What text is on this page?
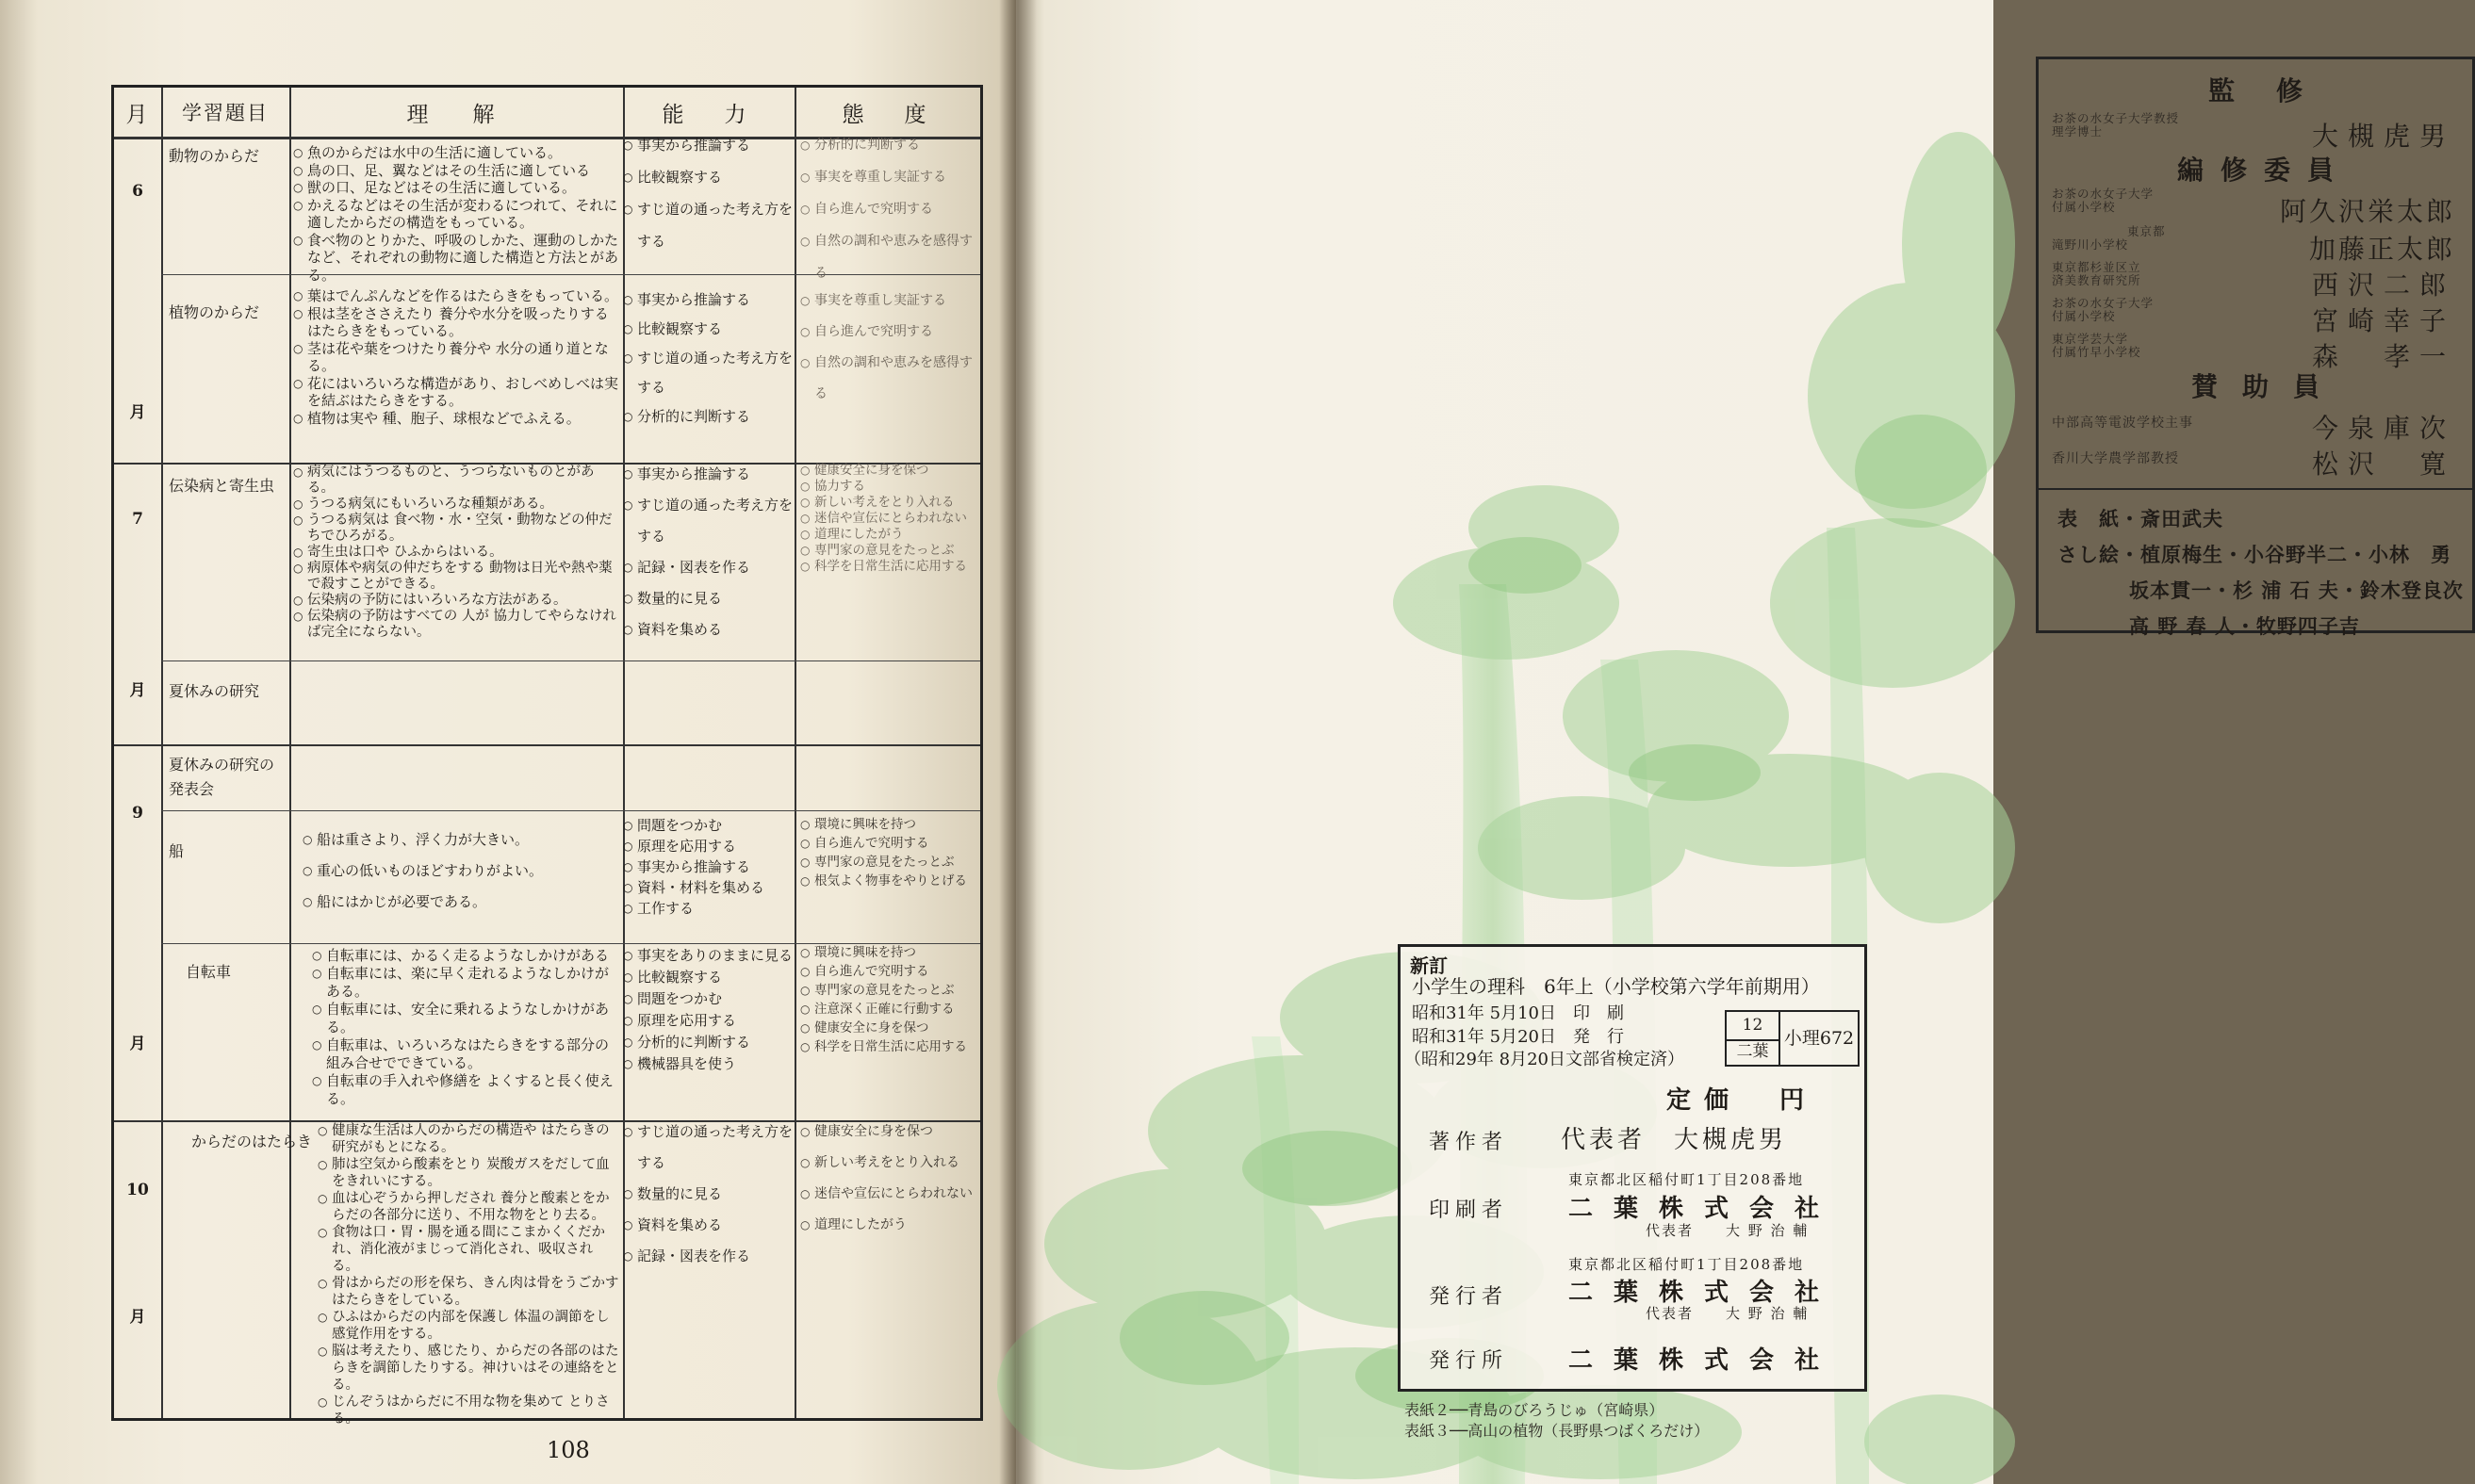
月	学習題目	理　解	能　力	態　度
6
月
7
月
9
月
10
月
動物のからだ
○	魚のからだは水中の生活に適している。
○ 鳥の口、足、翼などはその生活に適している
○ 獣の口、足などはその生活に適している。
○ かえるなどはその生活が変わるにつれて、それに適したからだの構造をもっている。
○ 食べ物のとりかた、呼吸のしかた、運動のしかたなど、それぞれの動物に適した構造と方法とがある。
○ 事実から推論する
○ 比較観察する
○ すじ道の通った考え方をする
○ 分析的に判断する
○ 事実を尊重し実証する
○ 自ら進んで究明する
○ 自然の調和や恵みを感得する
植物のからだ
○ 葉はでんぷんなどを作るはたらきをもっている。
○ 根は茎をささえたり 養分や水分を吸ったりするはたらきをもっている。
○ 茎は花や葉をつけたり養分や 水分の通り道となる。
○ 花にはいろいろな構造があり、おしべめしべは実を結ぶはたらきをする。
○ 植物は実や 種、胞子、球根などでふえる。
○ 事実から推論する
○ 比較観察する
○ すじ道の通った考え方をする
○ 分析的に判断する
○ 事実を尊重し実証する
○ 自ら進んで究明する
○ 自然の調和や恵みを感得する
伝染病と寄生虫
○ 病気にはうつるものと、うつらないものとがある。
○ うつる病気にもいろいろな種類がある。
○ うつる病気は 食べ物・水・空気・動物などの仲だちでひろがる。
○ 寄生虫は口や ひふからはいる。
○ 病原体や病気の仲だちをする 動物は日光や熱や薬で殺すことができる。
○ 伝染病の予防にはいろいろな方法がある。
○ 伝染病の予防はすべての 人が 協力してやらなければ完全にならない。
○ 事実から推論する
○ すじ道の通った考え方をする
○ 記録・図表を作る
○ 数量的に見る
○ 資料を集める
○ 健康安全に身を保つ
○ 協力する
○ 新しい考えをとり入れる
○ 迷信や宣伝にとらわれない
○ 道理にしたがう
○ 専門家の意見をたっとぶ
○ 科学を日常生活に応用する
夏休みの研究
夏休みの研究の発表会
船
○ 船は重さより、浮く力が大きい。
○ 重心の低いものほどすわりがよい。
○ 船にはかじが必要である。
○ 問題をつかむ
○ 原理を応用する
○ 事実から推論する
○ 資料・材料を集める
○ 工作する
○ 環境に興味を持つ
○ 自ら進んで究明する
○ 専門家の意見をたっとぶ
○ 根気よく物事をやりとげる
自転車
○ 自転車には、かるく走るようなしかけがある
○ 自転車には、楽に早く走れるようなしかけがある。
○ 自転車には、安全に乗れるようなしかけがある。
○ 自転車は、いろいろなはたらきをする部分の組み合せでできている。
○ 自転車の手入れや修繕を よくすると長く使える。
○ 事実をありのままに見る
○ 比較観察する
○ 問題をつかむ
○ 原理を応用する
○ 分析的に判断する
○ 機械器具を使う
○ 環境に興味を持つ
○ 自ら進んで究明する
○ 専門家の意見をたっとぶ
○ 注意深く正確に行動する
○ 健康安全に身を保つ
○ 科学を日常生活に応用する
からだのはたらき
○ 健康な生活は人のからだの構造や はたらきの研究がもとになる。
○ 肺は空気から酸素をとり 炭酸ガスをだして血をきれいにする。
○ 血は心ぞうから押しだされ 養分と酸素とをからだの各部分に送り、不用な物をとり去る。
○ 食物は口・胃・腸を通る間にこまかくくだかれ、消化液がまじって消化され、吸収される。
○ 骨はからだの形を保ち、きん肉は骨をうごかすはたらきをしている。
○ ひふはからだの内部を保護し 体温の調節をし感覚作用をする。
○ 脳は考えたり、感じたり、からだの各部のはたらきを調節したりする。神けいはその連絡をとる。
○ じんぞうはからだに不用な物を集めて とりさる。
○ すじ道の通った考え方をする
○ 数量的に見る
○ 資料を集める
○ 記録・図表を作る
○ 健康安全に身を保つ
○ 新しい考えをとり入れる
○ 迷信や宣伝にとらわれない
○ 道理にしたがう
108
監修
お茶の水女子大学教授
理学博士	大槻虎男
編修委員
お茶の水女子大学
付属小学校	阿久沢栄太郎
東京都
滝野川小学校	加藤正太郎
東京都杉並区立
済美教育研究所	西沢二郎
お茶の水女子大学
付属小学校	宮崎幸子
東京学芸大学
付属竹早小学校	森　孝一
賛助員
中部高等電波学校主事	今泉庫次
香川大学農学部教授	松沢　寛
表　紙・斎田武夫
さし絵・植原梅生・小谷野半二・小林　勇
坂本貫一・杉 浦 石 夫・鈴木登良次
高 野 春 人・牧野四子吉
新訂
小学生の理科　6年上（小学校第六学年前期用）
昭和31年 5月10日　印　刷
昭和31年 5月20日　発　行
（昭和29年 8月20日文部省検定済）
12
二葉
小理672
定価　円
著作者 代表者　大槻虎男
東京都北区稲付町1丁目208番地
印刷者 二葉株式会社
代表者　　大 野 治 輔
東京都北区稲付町1丁目208番地
発行者 二葉株式会社
代表者　　大 野 治 輔
発行所 二葉株式会社
表紙２──青島のびろうじゅ（宮崎県）
表紙３──高山の植物（長野県つばくろだけ）
